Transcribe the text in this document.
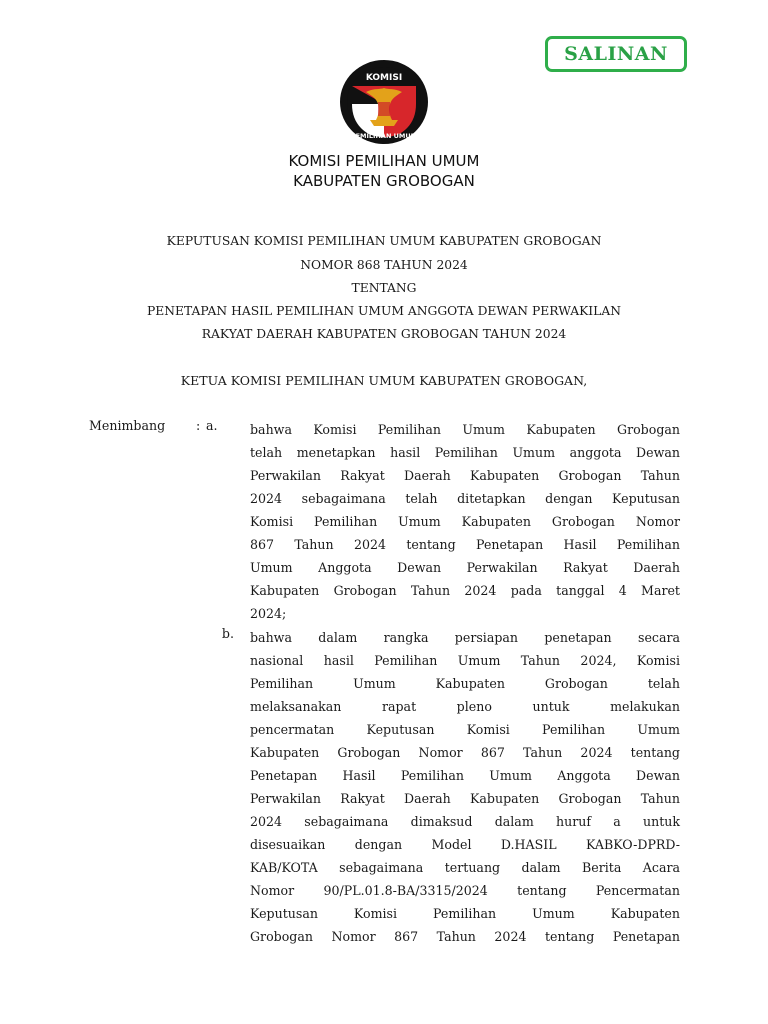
SALINAN
KOMISI
PEMILIHAN UMUM
KOMISI PEMILIHAN UMUM
KABUPATEN GROBOGAN
KEPUTUSAN KOMISI PEMILIHAN UMUM KABUPATEN GROBOGAN
NOMOR 868 TAHUN 2024
TENTANG
PENETAPAN HASIL PEMILIHAN UMUM ANGGOTA DEWAN PERWAKILAN
RAKYAT DAERAH KABUPATEN GROBOGAN TAHUN 2024
KETUA KOMISI PEMILIHAN UMUM KABUPATEN GROBOGAN,
Menimbang : a.	bahwa Komisi Pemilihan Umum Kabupaten Grobogan
telah menetapkan hasil Pemilihan Umum anggota Dewan
Perwakilan Rakyat Daerah Kabupaten Grobogan Tahun
2024 sebagaimana telah ditetapkan dengan Keputusan
Komisi Pemilihan Umum Kabupaten Grobogan Nomor
867 Tahun 2024 tentang Penetapan Hasil Pemilihan
Umum Anggota Dewan Perwakilan Rakyat Daerah
Kabupaten Grobogan Tahun 2024 pada tanggal 4 Maret
2024;
b. bahwa dalam rangka persiapan penetapan secara
nasional hasil Pemilihan Umum Tahun 2024, Komisi
Pemilihan Umum Kabupaten Grobogan telah
melaksanakan rapat pleno untuk melakukan
pencermatan Keputusan Komisi Pemilihan Umum
Kabupaten Grobogan Nomor 867 Tahun 2024 tentang
Penetapan Hasil Pemilihan Umum Anggota Dewan
Perwakilan Rakyat Daerah Kabupaten Grobogan Tahun
2024 sebagaimana dimaksud dalam huruf a untuk
disesuaikan dengan Model D.HASIL KABKO-DPRD-
KAB/KOTA sebagaimana tertuang dalam Berita Acara
Nomor 90/PL.01.8-BA/3315/2024 tentang Pencermatan
Keputusan Komisi Pemilihan Umum Kabupaten
Grobogan Nomor 867 Tahun 2024 tentang Penetapan
